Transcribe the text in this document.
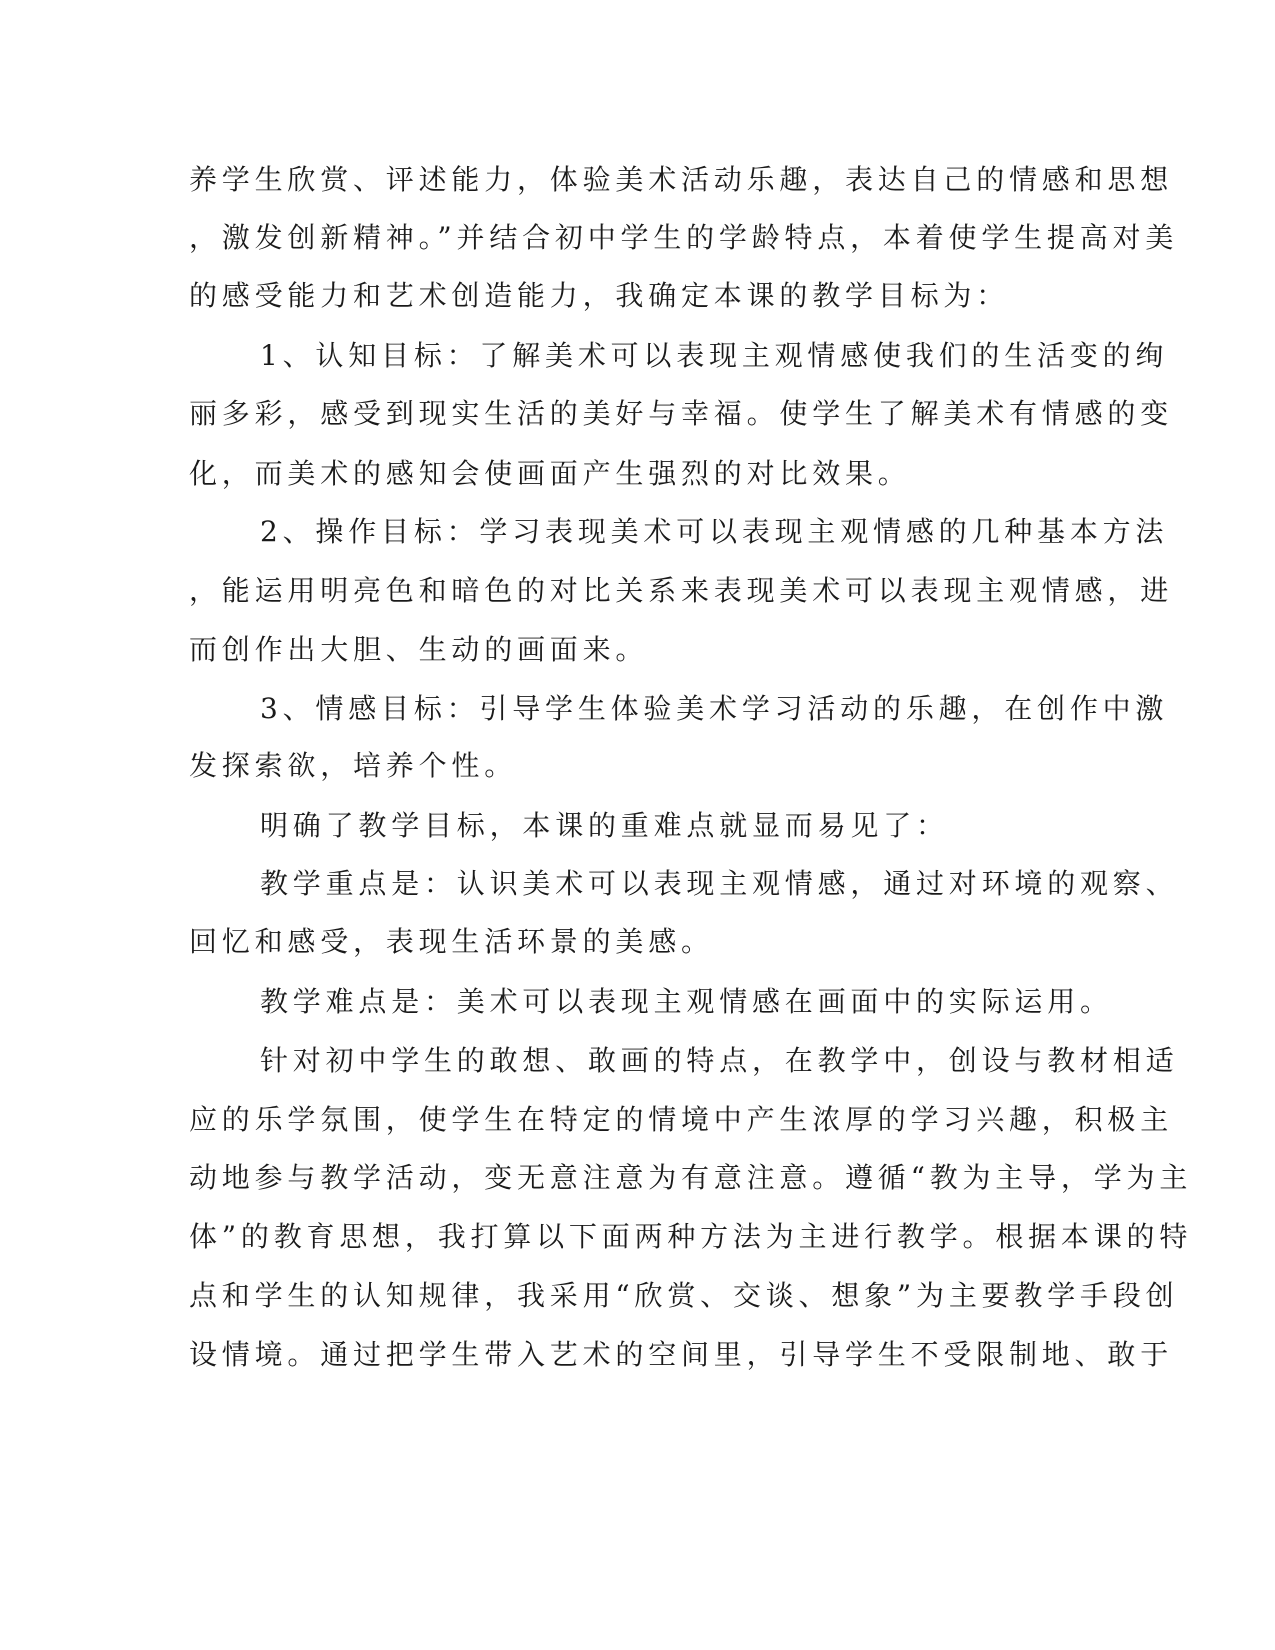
养学生欣赏、评述能力，体验美术活动乐趣，表达自己的情感和思想
，激发创新精神。”并结合初中学生的学龄特点，本着使学生提高对美
的感受能力和艺术创造能力，我确定本课的教学目标为：
1、认知目标：了解美术可以表现主观情感使我们的生活变的绚
丽多彩，感受到现实生活的美好与幸福。使学生了解美术有情感的变
化，而美术的感知会使画面产生强烈的对比效果。
2、操作目标：学习表现美术可以表现主观情感的几种基本方法
，能运用明亮色和暗色的对比关系来表现美术可以表现主观情感，进
而创作出大胆、生动的画面来。
3、情感目标：引导学生体验美术学习活动的乐趣，在创作中激
发探索欲，培养个性。
明确了教学目标，本课的重难点就显而易见了：
教学重点是：认识美术可以表现主观情感，通过对环境的观察、
回忆和感受，表现生活环景的美感。
教学难点是：美术可以表现主观情感在画面中的实际运用。
针对初中学生的敢想、敢画的特点，在教学中，创设与教材相适
应的乐学氛围，使学生在特定的情境中产生浓厚的学习兴趣，积极主
动地参与教学活动，变无意注意为有意注意。遵循“教为主导，学为主
体”的教育思想，我打算以下面两种方法为主进行教学。根据本课的特
点和学生的认知规律，我采用“欣赏、交谈、想象”为主要教学手段创
设情境。通过把学生带入艺术的空间里，引导学生不受限制地、敢于
